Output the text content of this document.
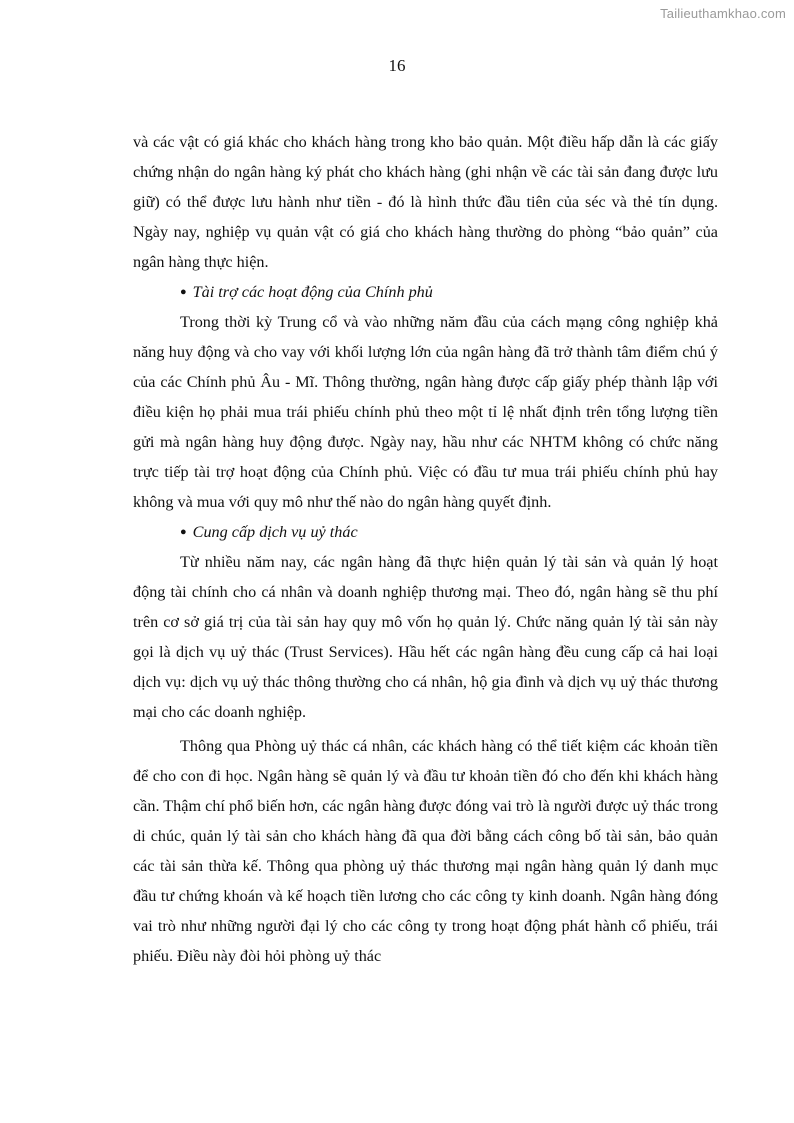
Tailieuthamkhao.com
16

và các vật có giá khác cho khách hàng trong kho bảo quản. Một điều hấp dẫn là các giấy chứng nhận do ngân hàng ký phát cho khách hàng (ghi nhận về các tài sản đang được lưu giữ) có thể được lưu hành như tiền - đó là hình thức đầu tiên của séc và thẻ tín dụng. Ngày nay, nghiệp vụ quản vật có giá cho khách hàng thường do phòng “bảo quản” của ngân hàng thực hiện.

● Tài trợ các hoạt động của Chính phủ

Trong thời kỳ Trung cổ và vào những năm đầu của cách mạng công nghiệp khả năng huy động và cho vay với khối lượng lớn của ngân hàng đã trở thành tâm điểm chú ý của các Chính phủ Âu - Mĩ. Thông thường, ngân hàng được cấp giấy phép thành lập với điều kiện họ phải mua trái phiếu chính phủ theo một tỉ lệ nhất định trên tổng lượng tiền gửi mà ngân hàng huy động được. Ngày nay, hầu như các NHTM không có chức năng trực tiếp tài trợ hoạt động của Chính phủ. Việc có đầu tư mua trái phiếu chính phủ hay không và mua với quy mô như thế nào do ngân hàng quyết định.

● Cung cấp dịch vụ uỷ thác

Từ nhiều năm nay, các ngân hàng đã thực hiện quản lý tài sản và quản lý hoạt động tài chính cho cá nhân và doanh nghiệp thương mại. Theo đó, ngân hàng sẽ thu phí trên cơ sở giá trị của tài sản hay quy mô vốn họ quản lý. Chức năng quản lý tài sản này gọi là dịch vụ uỷ thác (Trust Services). Hầu hết các ngân hàng đều cung cấp cả hai loại dịch vụ: dịch vụ uỷ thác thông thường cho cá nhân, hộ gia đình và dịch vụ uỷ thác thương mại cho các doanh nghiệp.

Thông qua Phòng uỷ thác cá nhân, các khách hàng có thể tiết kiệm các khoản tiền để cho con đi học. Ngân hàng sẽ quản lý và đầu tư khoản tiền đó cho đến khi khách hàng cần. Thậm chí phổ biến hơn, các ngân hàng được đóng vai trò là người được uỷ thác trong di chúc, quản lý tài sản cho khách hàng đã qua đời bằng cách công bố tài sản, bảo quản các tài sản thừa kế. Thông qua phòng uỷ thác thương mại ngân hàng quản lý danh mục đầu tư chứng khoán và kế hoạch tiền lương cho các công ty kinh doanh. Ngân hàng đóng vai trò như những người đại lý cho các công ty trong hoạt động phát hành cổ phiếu, trái phiếu. Điều này đòi hỏi phòng uỷ thác
